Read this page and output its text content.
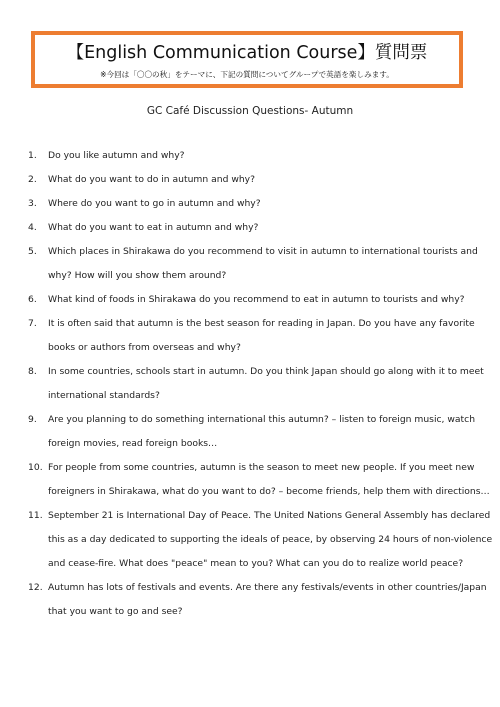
【English Communication Course】質問票
※今回は「〇〇の秋」をテーマに、下記の質問についてグループで英語を楽しみます。
GC Café Discussion Questions- Autumn
1. Do you like autumn and why?
2. What do you want to do in autumn and why?
3. Where do you want to go in autumn and why?
4. What do you want to eat in autumn and why?
5. Which places in Shirakawa do you recommend to visit in autumn to international tourists and
why? How will you show them around?
6. What kind of foods in Shirakawa do you recommend to eat in autumn to tourists and why?
7. It is often said that autumn is the best season for reading in Japan. Do you have any favorite
books or authors from overseas and why?
8. In some countries, schools start in autumn. Do you think Japan should go along with it to meet
international standards?
9. Are you planning to do something international this autumn? – listen to foreign music, watch
foreign movies, read foreign books…
10. For people from some countries, autumn is the season to meet new people. If you meet new
foreigners in Shirakawa, what do you want to do? – become friends, help them with directions…
11. September 21 is International Day of Peace. The United Nations General Assembly has declared
this as a day dedicated to supporting the ideals of peace, by observing 24 hours of non-violence
and cease-fire. What does "peace" mean to you? What can you do to realize world peace?
12. Autumn has lots of festivals and events. Are there any festivals/events in other countries/Japan
that you want to go and see?
